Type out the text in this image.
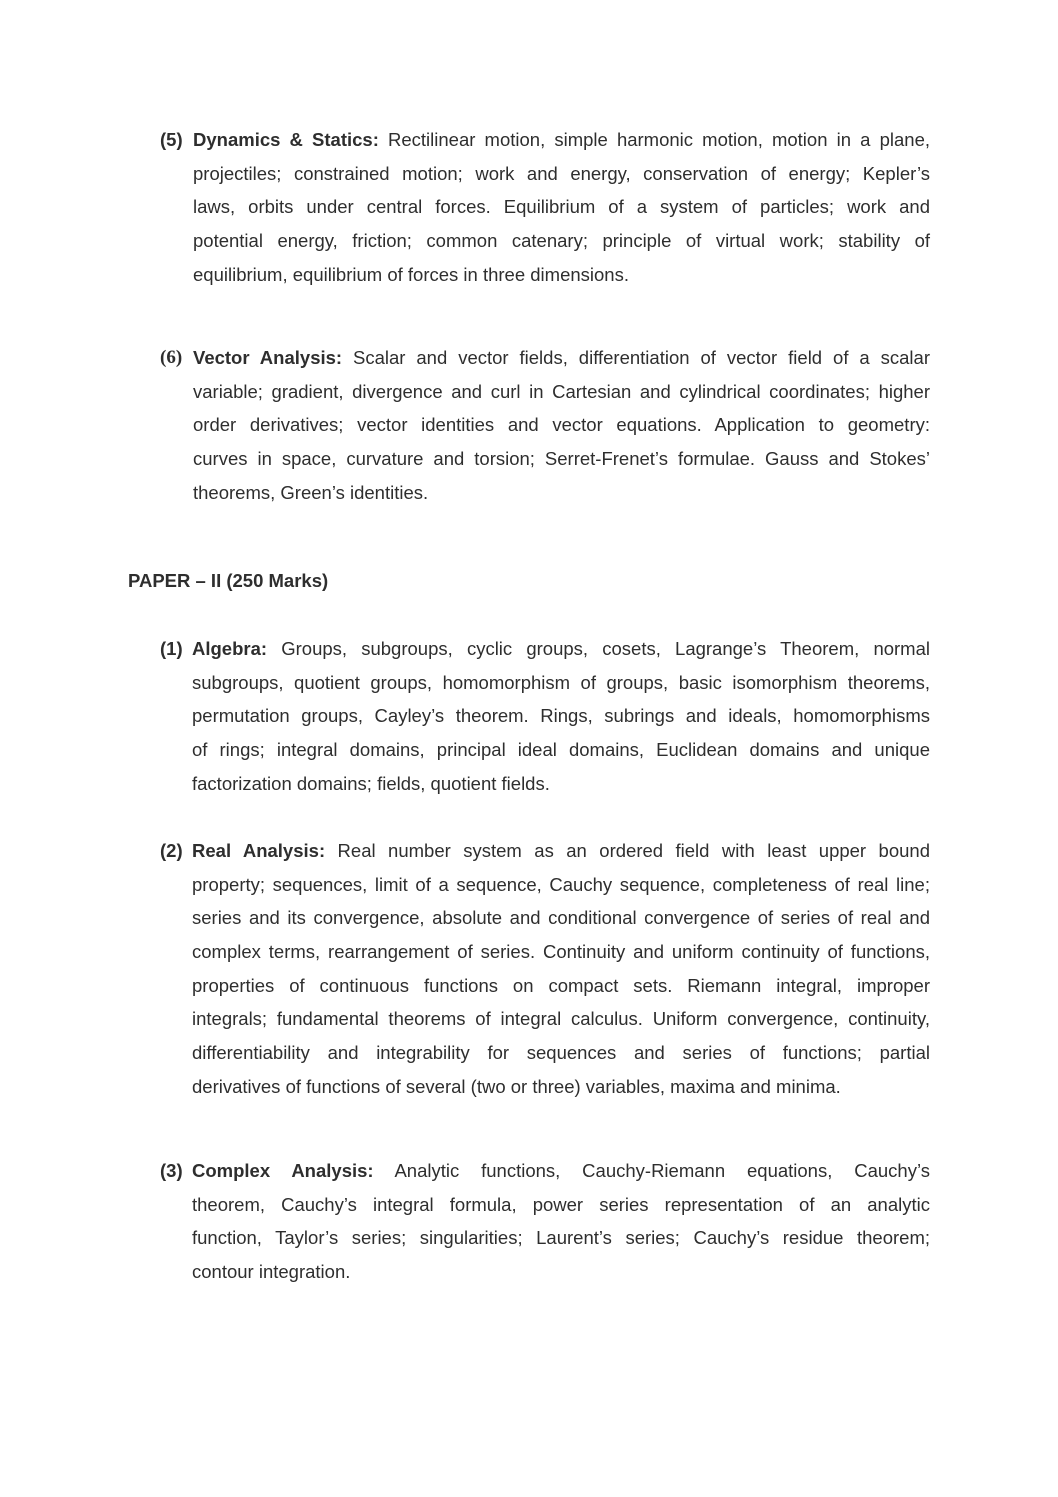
(5) Dynamics & Statics: Rectilinear motion, simple harmonic motion, motion in a plane,
projectiles; constrained motion; work and energy, conservation of energy; Kepler’s
laws, orbits under central forces. Equilibrium of a system of particles; work and
potential energy, friction; common catenary; principle of virtual work; stability of
equilibrium, equilibrium of forces in three dimensions.
(6) Vector Analysis: Scalar and vector fields, differentiation of vector field of a scalar
variable; gradient, divergence and curl in Cartesian and cylindrical coordinates; higher
order derivatives; vector identities and vector equations. Application to geometry:
curves in space, curvature and torsion; Serret-Frenet’s formulae. Gauss and Stokes’
theorems, Green’s identities.
PAPER – II (250 Marks)
(1) Algebra: Groups, subgroups, cyclic groups, cosets, Lagrange’s Theorem, normal
subgroups, quotient groups, homomorphism of groups, basic isomorphism theorems,
permutation groups, Cayley’s theorem. Rings, subrings and ideals, homomorphisms
of rings; integral domains, principal ideal domains, Euclidean domains and unique
factorization domains; fields, quotient fields.
(2) Real Analysis: Real number system as an ordered field with least upper bound
property; sequences, limit of a sequence, Cauchy sequence, completeness of real line;
series and its convergence, absolute and conditional convergence of series of real and
complex terms, rearrangement of series. Continuity and uniform continuity of functions,
properties of continuous functions on compact sets. Riemann integral, improper
integrals; fundamental theorems of integral calculus. Uniform convergence, continuity,
differentiability and integrability for sequences and series of functions; partial
derivatives of functions of several (two or three) variables, maxima and minima.
(3) Complex Analysis: Analytic functions, Cauchy-Riemann equations, Cauchy’s
theorem, Cauchy’s integral formula, power series representation of an analytic
function, Taylor’s series; singularities; Laurent’s series; Cauchy’s residue theorem;
contour integration.
